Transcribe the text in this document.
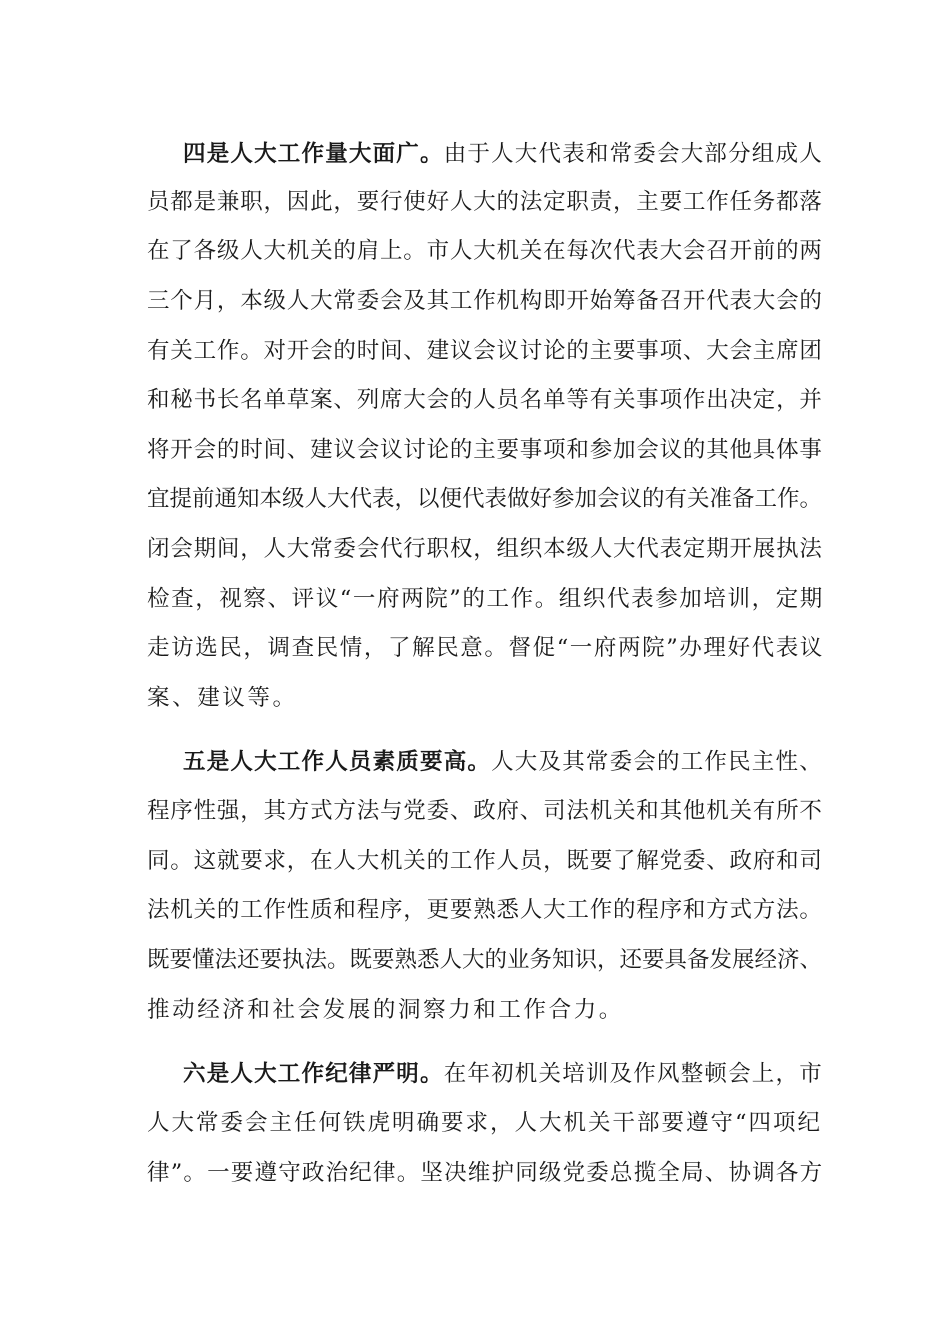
四是人大工作量大面广。由于人大代表和常委会大部分组成人
员都是兼职，因此，要行使好人大的法定职责，主要工作任务都落
在了各级人大机关的肩上。市人大机关在每次代表大会召开前的两
三个月，本级人大常委会及其工作机构即开始筹备召开代表大会的
有关工作。对开会的时间、建议会议讨论的主要事项、大会主席团
和秘书长名单草案、列席大会的人员名单等有关事项作出决定，并
将开会的时间、建议会议讨论的主要事项和参加会议的其他具体事
宜提前通知本级人大代表，以便代表做好参加会议的有关准备工作。
闭会期间，人大常委会代行职权，组织本级人大代表定期开展执法
检查，视察、评议“一府两院”的工作。组织代表参加培训，定期
走访选民，调查民情，了解民意。督促“一府两院”办理好代表议
案、建议等。
五是人大工作人员素质要高。人大及其常委会的工作民主性、
程序性强，其方式方法与党委、政府、司法机关和其他机关有所不
同。这就要求，在人大机关的工作人员，既要了解党委、政府和司
法机关的工作性质和程序，更要熟悉人大工作的程序和方式方法。
既要懂法还要执法。既要熟悉人大的业务知识，还要具备发展经济、
推动经济和社会发展的洞察力和工作合力。
六是人大工作纪律严明。在年初机关培训及作风整顿会上，市
人大常委会主任何铁虎明确要求，人大机关干部要遵守“四项纪
律”。一要遵守政治纪律。坚决维护同级党委总揽全局、协调各方
